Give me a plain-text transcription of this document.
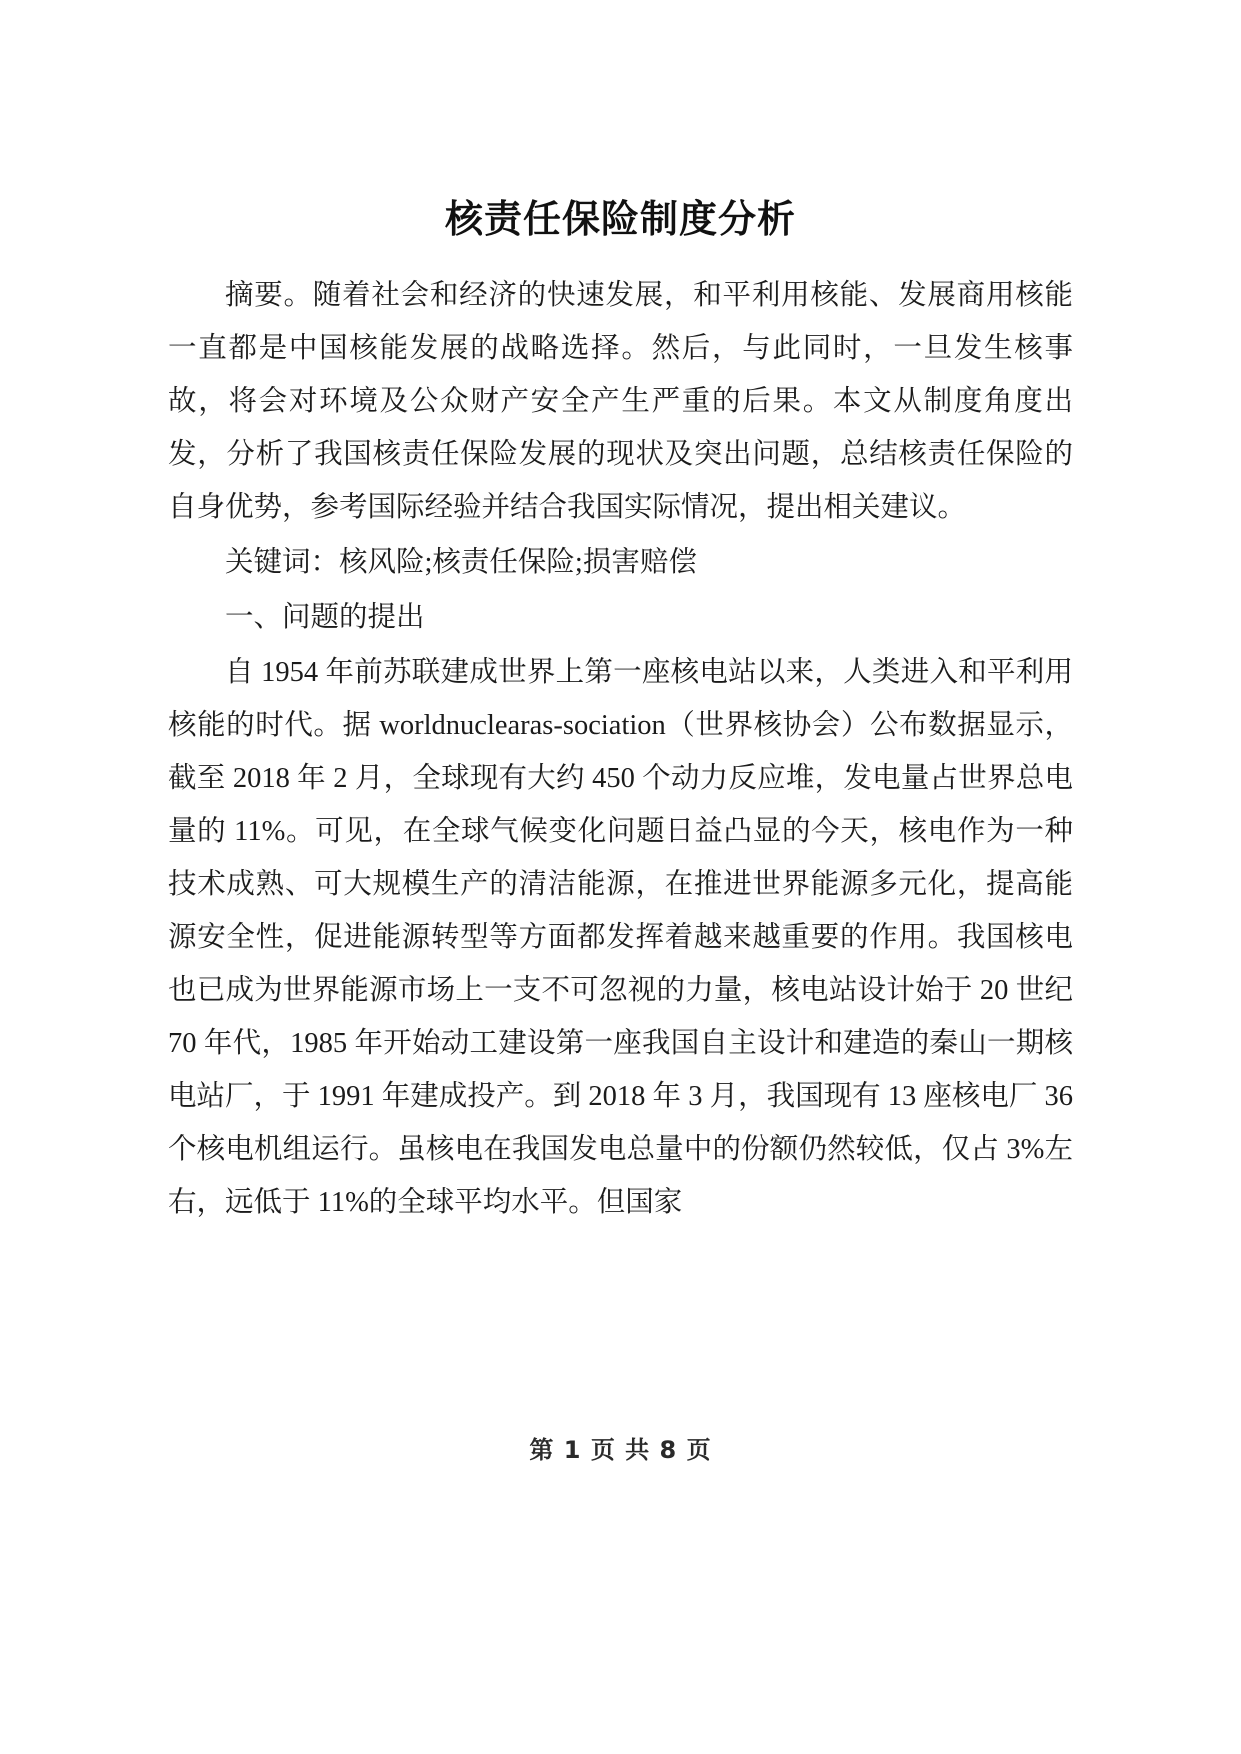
核责任保险制度分析

摘要。随着社会和经济的快速发展，和平利用核能、发展商用核能一直都是中国核能发展的战略选择。然后，与此同时，一旦发生核事故，将会对环境及公众财产安全产生严重的后果。本文从制度角度出发，分析了我国核责任保险发展的现状及突出问题，总结核责任保险的自身优势，参考国际经验并结合我国实际情况，提出相关建议。

关键词：核风险;核责任保险;损害赔偿

一、问题的提出

自 1954 年前苏联建成世界上第一座核电站以来，人类进入和平利用核能的时代。据 worldnuclearas-sociation（世界核协会）公布数据显示，截至 2018 年 2 月，全球现有大约 450 个动力反应堆，发电量占世界总电量的 11%。可见，在全球气候变化问题日益凸显的今天，核电作为一种技术成熟、可大规模生产的清洁能源，在推进世界能源多元化，提高能源安全性，促进能源转型等方面都发挥着越来越重要的作用。我国核电也已成为世界能源市场上一支不可忽视的力量，核电站设计始于 20 世纪 70 年代，1985 年开始动工建设第一座我国自主设计和建造的秦山一期核电站厂，于 1991 年建成投产。到 2018 年 3 月，我国现有 13 座核电厂 36 个核电机组运行。虽核电在我国发电总量中的份额仍然较低，仅占 3%左右，远低于 11%的全球平均水平。但国家

第 1 页 共 8 页
